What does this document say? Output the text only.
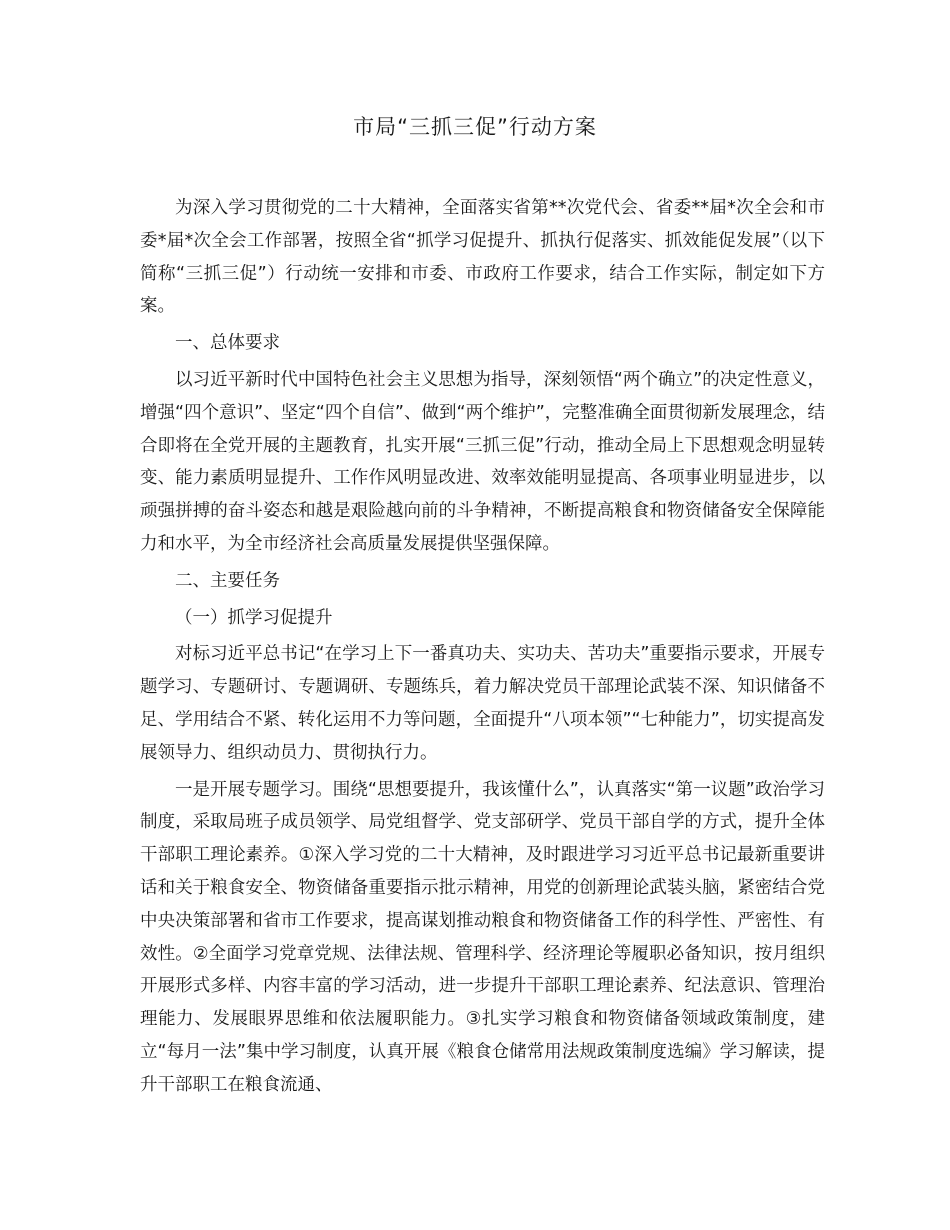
市局“三抓三促”行动方案

为深入学习贯彻党的二十大精神，全面落实省第**次党代会、省委**届*次全会和市委*届*次全会工作部署，按照全省“抓学习促提升、抓执行促落实、抓效能促发展”（以下简称“三抓三促”）行动统一安排和市委、市政府工作要求，结合工作实际，制定如下方案。

一、总体要求

以习近平新时代中国特色社会主义思想为指导，深刻领悟“两个确立”的决定性意义，增强“四个意识”、坚定“四个自信”、做到“两个维护”，完整准确全面贯彻新发展理念，结合即将在全党开展的主题教育，扎实开展“三抓三促”行动，推动全局上下思想观念明显转变、能力素质明显提升、工作作风明显改进、效率效能明显提高、各项事业明显进步，以顽强拼搏的奋斗姿态和越是艰险越向前的斗争精神，不断提高粮食和物资储备安全保障能力和水平，为全市经济社会高质量发展提供坚强保障。

二、主要任务

（一）抓学习促提升

对标习近平总书记“在学习上下一番真功夫、实功夫、苦功夫”重要指示要求，开展专题学习、专题研讨、专题调研、专题练兵，着力解决党员干部理论武装不深、知识储备不足、学用结合不紧、转化运用不力等问题，全面提升“八项本领”“七种能力”，切实提高发展领导力、组织动员力、贯彻执行力。

一是开展专题学习。围绕“思想要提升，我该懂什么”，认真落实“第一议题”政治学习制度，采取局班子成员领学、局党组督学、党支部研学、党员干部自学的方式，提升全体干部职工理论素养。①深入学习党的二十大精神，及时跟进学习习近平总书记最新重要讲话和关于粮食安全、物资储备重要指示批示精神，用党的创新理论武装头脑，紧密结合党中央决策部署和省市工作要求，提高谋划推动粮食和物资储备工作的科学性、严密性、有效性。②全面学习党章党规、法律法规、管理科学、经济理论等履职必备知识，按月组织开展形式多样、内容丰富的学习活动，进一步提升干部职工理论素养、纪法意识、管理治理能力、发展眼界思维和依法履职能力。③扎实学习粮食和物资储备领域政策制度，建立“每月一法”集中学习制度，认真开展《粮食仓储常用法规政策制度选编》学习解读，提升干部职工在粮食流通、
